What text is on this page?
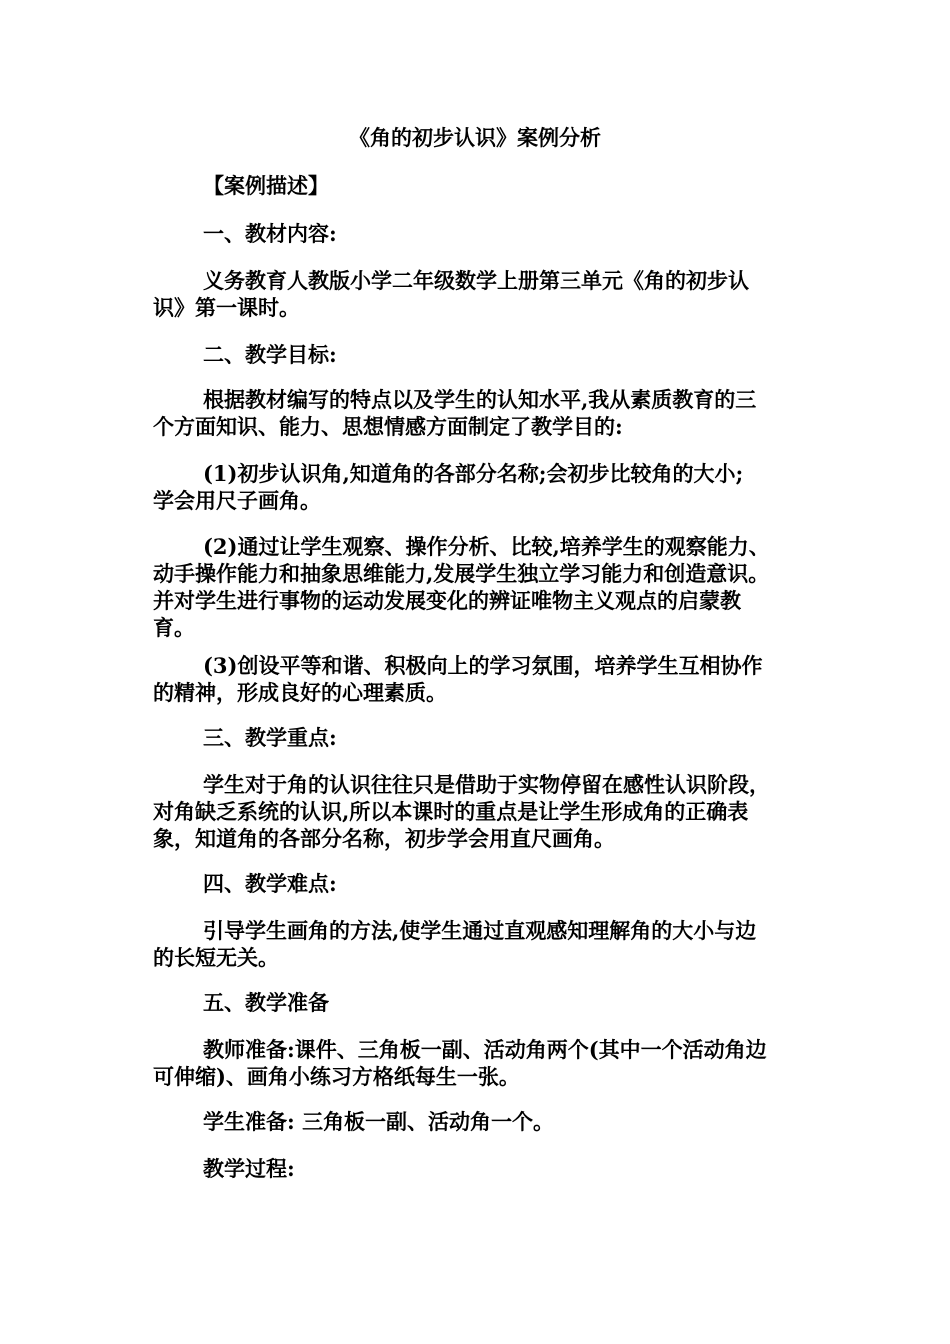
《角的初步认识》案例分析
【案例描述】
一、教材内容:
义务教育人教版小学二年级数学上册第三单元《角的初步认
识》第一课时。
二、教学目标:
根据教材编写的特点以及学生的认知水平,我从素质教育的三
个方面知识、能力、思想情感方面制定了教学目的:
(1)初步认识角,知道角的各部分名称;会初步比较角的大小;
学会用尺子画角。
(2)通过让学生观察、操作分析、比较,培养学生的观察能力、
动手操作能力和抽象思维能力,发展学生独立学习能力和创造意识。
并对学生进行事物的运动发展变化的辨证唯物主义观点的启蒙教
育。
(3)创设平等和谐、积极向上的学习氛围，培养学生互相协作
的精神，形成良好的心理素质。
三、教学重点:
学生对于角的认识往往只是借助于实物停留在感性认识阶段，
对角缺乏系统的认识,所以本课时的重点是让学生形成角的正确表
象，知道角的各部分名称，初步学会用直尺画角。
四、教学难点:
引导学生画角的方法,使学生通过直观感知理解角的大小与边
的长短无关。
五、教学准备
教师准备:课件、三角板一副、活动角两个(其中一个活动角边
可伸缩)、画角小练习方格纸每生一张。
学生准备: 三角板一副、活动角一个。
教学过程:
